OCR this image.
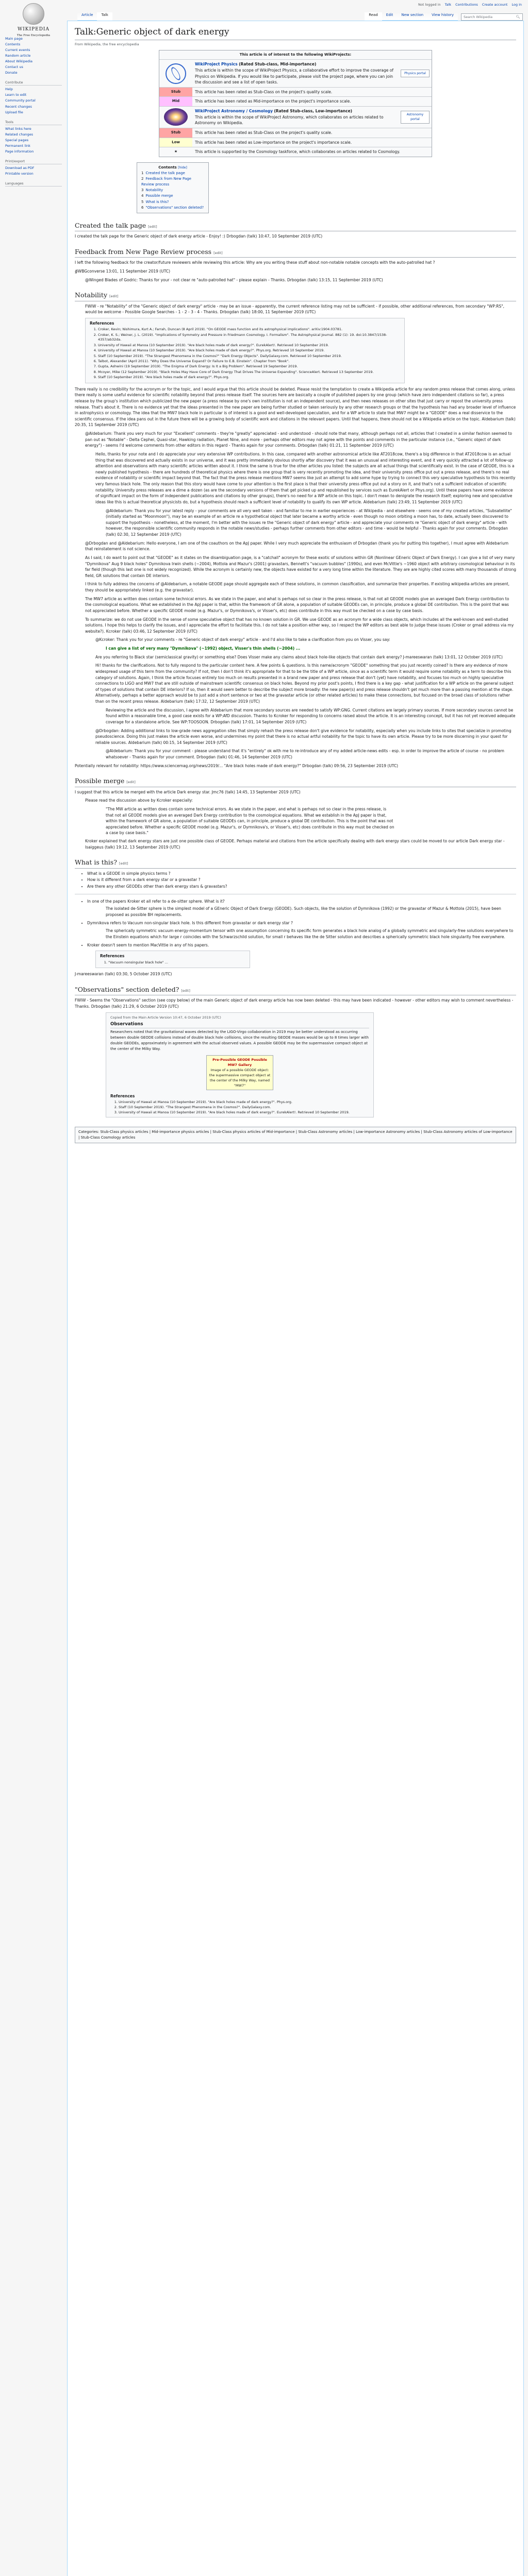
Not logged in Talk Contributions Create account Log in
Article	Talk	Read	Edit	New section	View history	Search Wikipedia	🔍︎
WIKIPEDIA
The Free Encyclopedia
Main page
Contents
Current events
Random article
About Wikipedia
Contact us
Donate
Contribute
Help
Learn to edit
Community portal
Recent changes
Upload file
Tools
What links here
Related changes
Special pages
Permanent link
Page information
Print/export
Download as PDF
Printable version
Languages
Talk:Generic object of dark energy
From Wikipedia, the free encyclopedia
This article is of interest to the following WikiProjects:
WikiProject Physics (Rated Stub-class, Mid-importance)
This article is within the scope of WikiProject Physics, a collaborative effort to improve the coverage of Physics on Wikipedia. If you would like to participate, please visit the project page, where you can join the discussion and see a list of open tasks.
Physics portal
Stub	This article has been rated as Stub-Class on the project's quality scale.
Mid	This article has been rated as Mid-importance on the project's importance scale.
WikiProject Astronomy / Cosmology (Rated Stub-class, Low-importance)
This article is within the scope of WikiProject Astronomy, which collaborates on articles related to Astronomy on Wikipedia.
Astronomy portal
Stub	This article has been rated as Stub-Class on the project's quality scale.
Low	This article has been rated as Low-importance on the project's importance scale.
★	This article is supported by the Cosmology taskforce, which collaborates on articles related to Cosmology.
Contents [hide]
1 Created the talk page
2 Feedback from New Page Review process
3 Notability
4 Possible merge
5 What is this?
6 "Observations" section deleted?
Created the talk page [edit]

I created the talk page for the Generic object of dark energy article - Enjoy! :) Drbogdan (talk) 10:47, 10 September 2019 (UTC)

Feedback from New Page Review process [edit]

I left the following feedback for the creator/future reviewers while reviewing this article: Why are you writing these stuff about non-notable notable concepts with the auto-patrolled hat ?

∯WBGconverse 13:01, 11 September 2019 (UTC)

@Winged Blades of Godric: Thanks for your - not clear re "auto-patrolled hat" - please explain - Thanks. Drbogdan (talk) 13:15, 11 September 2019 (UTC)

Notability [edit]

FWIW - re "Notability" of the "Generic object of dark energy" article - may be an issue - apparently, the current reference listing may not be sufficient - if possible, other additional references, from secondary "WP:RS", would be welcome - Possible Google Searches - 1 - 2 - 3 - 4 - Thanks. Drbogdan (talk) 18:00, 11 September 2019 (UTC)

References
1. Croker, Kevin; Nishimura, Kurt A.; Farrah, Duncan (8 April 2019). "On GEODE mass function and its astrophysical implications". arXiv:1904.03781.
2. Croker, K. S.; Weiner, J. L. (2019). "Implications of Symmetry and Pressure in Friedmann Cosmology. I. Formalism". The Astrophysical Journal. 882 (1): 19. doi:10.3847/1538-4357/ab32da.
3. University of Hawaii at Manoa (10 September 2019). "Are black holes made of dark energy?". EurekAlert!. Retrieved 10 September 2019.
4. University of Hawaii at Manoa (10 September 2019). "Are black holes made of dark energy?". Phys.org. Retrieved 10 September 2019.
5. Staff (10 September 2019). "The Strangest Phenomena in the Cosmos?" "Dark Energy Objects". DailyGalaxy.com. Retrieved 10 September 2019.
6. Talbot, Alexander (April 2011). "Why Does the Universe Expand? Or Failure to E.B. Einstein". Chapter from "Book".
7. Gupta, Ashwini (19 September 2019). "The Enigma of Dark Energy: Is It a Big Problem". Retrieved 19 September 2019.
8. Mcoyer, Mike (12 September 2019). "Black Holes May Have Core of Dark Energy That Drives The Universe Expanding". ScienceAlert. Retrieved 13 September 2019.
9. Staff (10 September 2019). "Are black holes made of dark energy?". Phys.org.

There really is no credibility for the acronym or for the topic, and I would argue that this article should be deleted. Please resist the temptation to create a Wikipedia article for any random press release that comes along, unless there really is some useful evidence for scientific notability beyond that press release itself. The sources here are basically a couple of published papers by one group (which have zero independent citations so far), a press release by the group's institution which publicized the new paper (a press release by one's own institution is not an independent source), and then news releases on other sites that just carry or repost the university press release. That's about it. There is no evidence yet that the ideas presented in the new paper are being further studied or taken seriously by any other research groups or that the hypothesis has had any broader level of influence in astrophysics or cosmology. The idea that the MW7 black hole in particular is of interest is a good and well-developed speculation, and for a WP article to state that MW7 might be a "GEODE" does a real disservice to the scientific consensus. If the idea pans out in the future there will be a growing body of scientific work and citations in the relevant papers. Until that happens, there should not be a Wikipedia article on the topic. Aldebarium (talk) 20:35, 11 September 2019 (UTC)

@Aldebarium: Thank you very much for your "Excellent" comments - they're "greatly" appreciated - and understood - should note that many, although perhaps not all, articles that I created in a similar fashion seemed to pan out as "Notable" - Delta Cephei, Quasi-star, Hawking radiation, Planet Nine, and more - perhaps other editors may not agree with the points and comments in the particular instance (i.e., "Generic object of dark energy") - seems I'd welcome comments from other editors in this regard - Thanks again for your comments. Drbogdan (talk) 01:21, 11 September 2019 (UTC)

Hello, thanks for your note and I do appreciate your very extensive WP contributions. In this case, compared with another astronomical article like AT2018cow, there's a big difference in that AT2018cow is an actual thing that was discovered and actually exists in our universe, and it was pretty immediately obvious shortly after discovery that it was an unusual and interesting event, and it very quickly attracted a lot of follow-up attention and observations with many scientific articles written about it. I think the same is true for the other articles you listed: the subjects are all actual things that scientifically exist. In the case of GEODE, this is a newly published hypothesis - there are hundreds of theoretical physics where there is one group that is very recently promoting the idea, and their university press office put out a press release, and there's no real evidence of notability or scientific impact beyond that. The fact that the press release mentions MW7 seems like just an attempt to add some hype by trying to connect this very speculative hypothesis to this recently very famous black hole. The only reason that this story would have come to your attention is the first place is that their university press office put out a story on it, and that's not a sufficient indication of scientific notability. University press releases are a dime a dozen (as are the secondary versions of them that get picked up and republished by services such as EurekAlert or Phys.org). Until these papers have some evidence of significant impact on the form of independent publications and citations by other groups), there's no need for a WP article on this topic. I don't mean to denigrate the research itself; exploring new and speculative ideas like this is actual theoretical physicists do, but a hypothesis should reach a sufficient level of notability to qualify its own WP article. Aldebarium (talk) 23:49, 11 September 2019 (UTC)

@Aldebarium: Thank you for your latest reply - your comments are all very well taken - and familiar to me in earlier experiences - at Wikipedia - and elsewhere - seems one of my created articles, "Subsatellite" (initially started as "Moonmoon"), may be an example of an article re a hypothetical object that later became a worthy article - even though no moon orbiting a moon has, to date, actually been discovered to support the hypothesis - nonetheless, at the moment, I'm better with the issues re the "Generic object of dark energy" article - and appreciate your comments re "Generic object of dark energy" article - with however, the responsible scientific community responds in the notable news/studies - perhaps further comments from other editors - and time - would be helpful - Thanks again for your comments. Drbogdan (talk) 02:30, 12 September 2019 (UTC)

@Drbogdan and @Aldebarium: Hello everyone, I am one of the coauthors on the ApJ paper. While I very much appreciate the enthusiasm of Drbogdan (thank you for putting this together), I must agree with Aldebarium that reinstatement is not science.

As I said, I do want to point out that "GEODE" as it states on the disambiguation page, is a "catchall" acronym for these exotic of solutions within GR (Nonlinear GEneric Object of Dark Energy). I can give a list of very many "Dymnikova" Aug 9 black holes" Dymnikova Irwin shells (~2004), Mottola and Mazur's (2001) gravastars, Bennett's "vacuum bubbles" (1990s), and even McVittie's ~1960 object with arbitrary cosmological behaviour in its far field (though this last one is not widely recognized). While the acronym is certainly new, the objects have existed for a very long time within the literature. They are are highly cited scores with many thousands of strong field, GR solutions that contain DE interiors.

I think to fully address the concerns of @Aldebarium, a notable GEODE page should aggregate each of these solutions, in common classification, and summarize their properties. If existing wikipedia articles are present, they should be appropriately linked (e.g. the gravastar).

The MW7 article as written does contain some technical errors. As we state in the paper, and what is perhaps not so clear in the press release, is that not all GEODE models give an averaged Dark Energy contribution to the cosmological equations. What we established in the ApJ paper is that, within the framework of GR alone, a population of suitable GEODEs can, in principle, produce a global DE contribution. This is the point that was not appreciated before. Whether a specific GEODE model (e.g. Mazur's, or Dymnikova's, or Visser's, etc) does contribute in this way must be checked on a case by case basis.

To summarize: we do not use GEODE in the sense of some speculative object that has no known solution in GR. We use GEODE as an acronym for a wide class objects, which includes all the well-known and well-studied solutions. I hope this helps to clarify the issues, and I appreciate the effort to facilitate this. I do not take a position either way, so I respect the WP editors as best able to judge these issues (Croker or gmail address via my website?). Kcroker (talk) 03:46, 12 September 2019 (UTC)

@Kcroker: Thank you for your comments - re "Generic object of dark energy" article - and I'd also like to take a clarification from you on Visser, you say:

I can give a list of very many "Dymnikova" (~1992) object, Visser's thin shells (~2004) ...

Are you referring to Black star (semiclassical gravity) or something else? Does Visser make any claims about black hole-like objects that contain dark energy? J-mareeswaran (talk) 13:01, 12 October 2019 (UTC)

Hi! thanks for the clarifications. Not to fully respond to the particular content here. A few points & questions. Is this name/acronym "GEODE" something that you just recently coined? Is there any evidence of more widespread usage of this term from the community? If not, then I don't think it's appropriate for that to be the title of a WP article, since as a scientific term it would require some notability as a term to describe this category of solutions. Again, I think the article focuses entirely too much on results presented in a brand new paper and press release that don't (yet) have notability, and focuses too much on highly speculative connections to LIGO and MW7 that are still outside of mainstream scientific consensus on black holes. Beyond my prior post's points, I find there is a key gap - what justification for a WP article on the general subject of types of solutions that contain DE interiors? If so, then it would seem better to describe the subject more broadly: the new paper(s) and press release shouldn't get much more than a passing mention at the stage. Alternatively, perhaps a better approach would be to just add a short sentence or two at the gravastar article (or other related articles) to make these connections, but focused on the broad class of solutions rather than on the recent press release. Aldebarium (talk) 17:32, 12 September 2019 (UTC)

Reviewing the article and the discussion, I agree with Aldebarium that more secondary sources are needed to satisfy WP:GNG. Current citations are largely primary sources. If more secondary sources cannot be found within a reasonable time, a good case exists for a WP:AfD discussion. Thanks to Kcroker for responding to concerns raised about the article. It is an interesting concept, but it has not yet received adequate coverage for a standalone article. See WP:TOOSOON. Drbogdan (talk) 17:01, 14 September 2019 (UTC)

@Drbogdan: Adding additional links to low-grade news aggregation sites that simply rehash the press release don't give evidence for notability, especially when you include links to sites that specialize in promoting pseudoscience. Doing this just makes the article even worse, and undermines my point that there is no actual artful notability for the topic to have its own article. Please try to be more discerning in your quest for reliable sources. Aldebarium (talk) 00:15, 14 September 2019 (UTC)

@Aldebarium: Thank you for your comment - please understand that it's "entirely" ok with me to re-introduce any of my added article-news edits - esp. in order to improve the article of course - no problem whatsoever - Thanks again for your comment. Drbogdan (talk) 01:46, 14 September 2019 (UTC)

Potentially relevant for notability: https://www.sciencemag.org/news/2019/... "Are black holes made of dark energy?" Drbogdan (talk) 09:56, 23 September 2019 (UTC)

Possible merge [edit]

I suggest that this article be merged with the article Dark energy star. Jmc76 (talk) 14:45, 13 September 2019 (UTC)

Please read the discussion above by Kcroker especially:

"The MW article as written does contain some technical errors. As we state in the paper, and what is perhaps not so clear in the press release, is that not all GEODE models give an averaged Dark Energy contribution to the cosmological equations. What we establish in the ApJ paper is that, within the framework of GR alone, a population of suitable GEODEs can, in principle, produce a global DE contribution. This is the point that was not appreciated before. Whether a specific GEODE model (e.g. Mazur's, or Dymnikova's, or Visser's, etc) does contribute in this way must be checked on a case by case basis."

Kroker explained that dark energy stars are just one possible class of GEODE. Perhaps material and citations from the article specifically dealing with dark energy stars could be moved to our article Dark energy star - Isaiggeus (talk) 19:12, 13 September 2019 (UTC)

What is this? [edit]
• What is a GEODE in simple physics terms ?
• How is it different from a dark energy star or a gravastar ?
• Are there any other GEODEs other than dark energy stars & gravastars?
• In one of the papers Kroker et all refer to a de-sitter sphere. What is it?

The isolated de-Sitter sphere is the simplest model of a GEneric Object of Dark Energy (GEODE). Such objects, like the solution of Dymnikova (1992) or the gravastar of Mazur & Mottola (2015), have been proposed as possible BH replacements.

• Dymnikova refers to Vacuum non-singular black hole. Is this different from gravastar or dark energy star ?

The spherically symmetric vacuum energy-momentum tensor with one assumption concerning its specific form generates a black hole analog of a globally symmetric and singularly-free solutions everywhere to the Einstein equations which for large r coincides with the Schwarzschild solution, for small r behaves like the de Sitter solution and describes a spherically symmetric black hole singularity free everywhere.

• Kroker doesn't seem to mention MacVittie in any of his papers.
References
1. "Vacuum nonsingular black hole" ...

J-mareeswaran (talk) 03:30, 5 October 2019 (UTC)

"Observations" section deleted? [edit]

FWIW - Seems the "Observations" section (see copy below) of the main Generic object of dark energy article has now been deleted - this may have been indicated - however - other editors may wish to comment nevertheless - Thanks. Drbogdan (talk) 21:29, 6 October 2019 (UTC)

Copied from the Main Article Version 10:47, 6 October 2019 (UTC)
Observations
Researchers noted that the gravitational waves detected by the LIGO-Virgo collaboration in 2019 may be better understood as occurring between double GEODE collisions instead of double black hole collisions, since the resulting GEODE masses would be up to 8 times larger with double GEODEs, approximately in agreement with the actual observed values. A possible GEODE may be the supermassive compact object at the center of the Milky Way.
Pre-Possible GEODE Possible MW7 Gallery
Image of a possible GEODE object: the supermassive compact object at the center of the Milky Way, named "MW7"
References
1. University of Hawaii at Manoa (10 September 2019). "Are black holes made of dark energy?". Phys.org.
2. Staff (10 September 2019). "The Strangest Phenomena in the Cosmos?". DailyGalaxy.com.
3. University of Hawaii at Manoa (10 September 2019). "Are black holes made of dark energy?". EurekAlert!. Retrieved 10 September 2019.
Categories: Stub-Class physics articles | Mid-importance physics articles | Stub-Class physics articles of Mid-importance | Stub-Class Astronomy articles | Low-importance Astronomy articles | Stub-Class Astronomy articles of Low-importance | Stub-Class Cosmology articles
